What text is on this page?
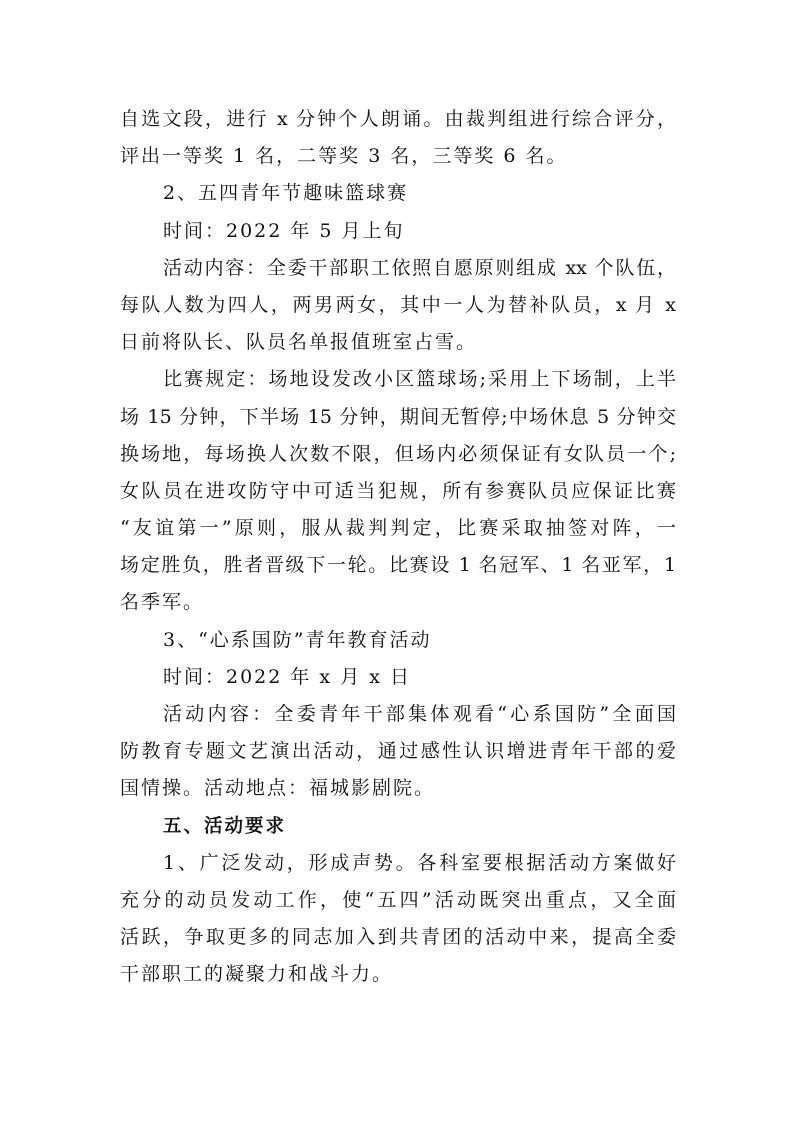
自选文段，进行 x 分钟个人朗诵。由裁判组进行综合评分，
评出一等奖 1 名，二等奖 3 名，三等奖 6 名。
2、五四青年节趣味篮球赛
时间：2022 年 5 月上旬
活动内容：全委干部职工依照自愿原则组成 xx 个队伍，
每队人数为四人，两男两女，其中一人为替补队员，x 月 x
日前将队长、队员名单报值班室占雪。
比赛规定：场地设发改小区篮球场;采用上下场制，上半
场 15 分钟，下半场 15 分钟，期间无暂停;中场休息 5 分钟交
换场地，每场换人次数不限，但场内必须保证有女队员一个;
女队员在进攻防守中可适当犯规，所有参赛队员应保证比赛
“友谊第一”原则，服从裁判判定，比赛采取抽签对阵，一
场定胜负，胜者晋级下一轮。比赛设 1 名冠军、1 名亚军，1
名季军。
3、“心系国防”青年教育活动
时间：2022 年 x 月 x 日
活动内容：全委青年干部集体观看“心系国防”全面国
防教育专题文艺演出活动，通过感性认识增进青年干部的爱
国情操。活动地点：福城影剧院。
五、活动要求
1、广泛发动，形成声势。各科室要根据活动方案做好
充分的动员发动工作，使“五四”活动既突出重点，又全面
活跃，争取更多的同志加入到共青团的活动中来，提高全委
干部职工的凝聚力和战斗力。
